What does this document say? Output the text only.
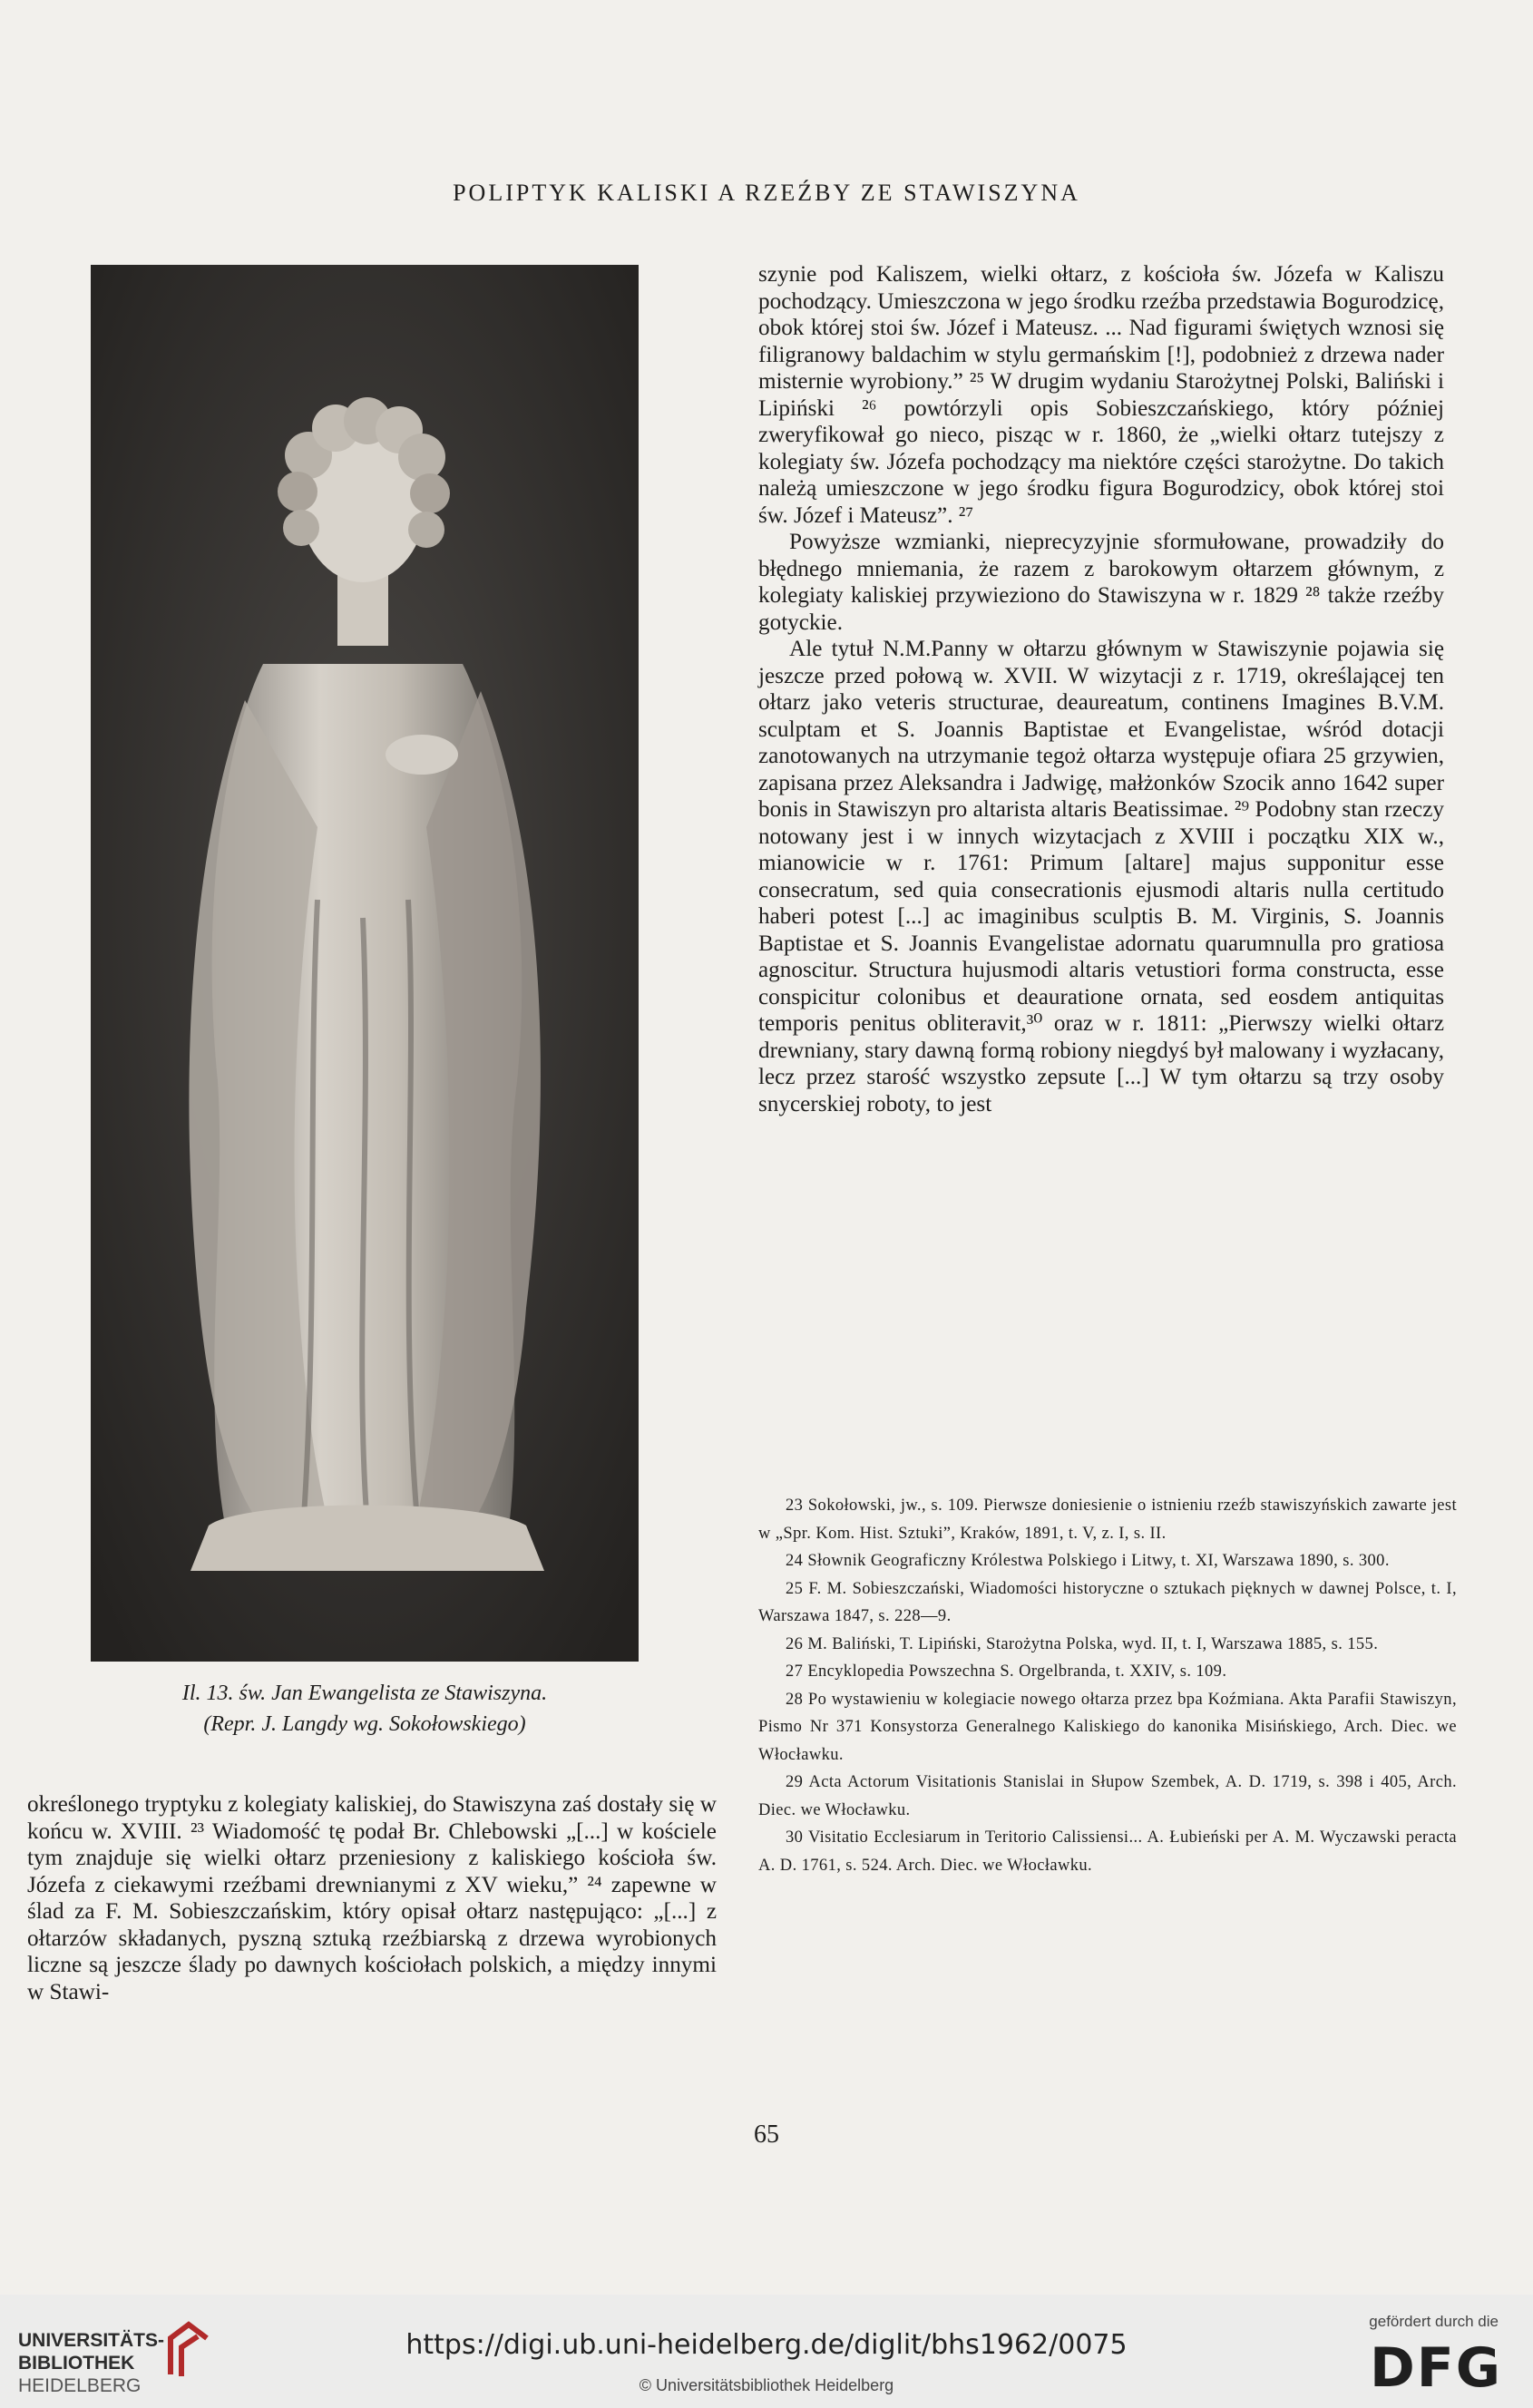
POLIPTYK KALISKI A RZEŹBY ZE STAWISZYNA
Il. 13. św. Jan Ewangelista ze Stawiszyna.
(Repr. J. Langdy wg. Sokołowskiego)

szynie pod Kaliszem, wielki ołtarz, z kościoła św. Józefa w Kaliszu pochodzący. Umieszczona w jego środku rzeźba przedstawia Bogurodzicę, obok której stoi św. Józef i Mateusz. ... Nad figurami świętych wznosi się filigranowy baldachim w stylu germańskim [!], podobnież z drzewa nader misternie wyrobiony.” ²⁵ W drugim wydaniu Starożytnej Polski, Baliński i Lipiński ²⁶ powtórzyli opis Sobieszczańskiego, który później zweryfikował go nieco, pisząc w r. 1860, że „wielki ołtarz tutejszy z kolegiaty św. Józefa pochodzący ma niektóre części starożytne. Do takich należą umieszczone w jego środku figura Bogurodzicy, obok której stoi św. Józef i Mateusz”. ²⁷

Powyższe wzmianki, nieprecyzyjnie sformułowane, prowadziły do błędnego mniemania, że razem z barokowym ołtarzem głównym, z kolegiaty kaliskiej przywieziono do Stawiszyna w r. 1829 ²⁸ także rzeźby gotyckie.

Ale tytuł N.M.Panny w ołtarzu głównym w Stawiszynie pojawia się jeszcze przed połową w. XVII. W wizytacji z r. 1719, określającej ten ołtarz jako veteris structurae, deaureatum, continens Imagines B.V.M. sculptam et S. Joannis Baptistae et Evangelistae, wśród dotacji zanotowanych na utrzymanie tegoż ołtarza występuje ofiara 25 grzywien, zapisana przez Aleksandra i Jadwigę, małżonków Szocik anno 1642 super bonis in Stawiszyn pro altarista altaris Beatissimae. ²⁹ Podobny stan rzeczy notowany jest i w innych wizytacjach z XVIII i początku XIX w., mianowicie w r. 1761: Primum [altare] majus supponitur esse consecratum, sed quia consecrationis ejusmodi altaris nulla certitudo haberi potest [...] ac imaginibus sculptis B. M. Virginis, S. Joannis Baptistae et S. Joannis Evangelistae adornatu quarumnulla pro gratiosa agnoscitur. Structura hujusmodi altaris vetustiori forma constructa, esse conspicitur colonibus et deauratione ornata, sed eosdem antiquitas temporis penitus obliteravit,³⁰ oraz w r. 1811: „Pierwszy wielki ołtarz drewniany, stary dawną formą robiony niegdyś był malowany i wyzłacany, lecz przez starość wszystko zepsute [...] W tym ołtarzu są trzy osoby snycerskiej roboty, to jest

23 Sokołowski, jw., s. 109. Pierwsze doniesienie o istnieniu rzeźb stawiszyńskich zawarte jest w „Spr. Kom. Hist. Sztuki”, Kraków, 1891, t. V, z. I, s. II.

24 Słownik Geograficzny Królestwa Polskiego i Litwy, t. XI, Warszawa 1890, s. 300.

25 F. M. Sobieszczański, Wiadomości historyczne o sztukach pięknych w dawnej Polsce, t. I, Warszawa 1847, s. 228—9.

26 M. Baliński, T. Lipiński, Starożytna Polska, wyd. II, t. I, Warszawa 1885, s. 155.

27 Encyklopedia Powszechna S. Orgelbranda, t. XXIV, s. 109.

28 Po wystawieniu w kolegiacie nowego ołtarza przez bpa Koźmiana. Akta Parafii Stawiszyn, Pismo Nr 371 Konsystorza Generalnego Kaliskiego do kanonika Misińskiego, Arch. Diec. we Włocławku.

29 Acta Actorum Visitationis Stanislai in Słupow Szembek, A. D. 1719, s. 398 i 405, Arch. Diec. we Włocławku.

30 Visitatio Ecclesiarum in Teritorio Calissiensi... A. Łubieński per A. M. Wyczawski peracta A. D. 1761, s. 524. Arch. Diec. we Włocławku.

określonego tryptyku z kolegiaty kaliskiej, do Stawiszyna zaś dostały się w końcu w. XVIII. ²³ Wiadomość tę podał Br. Chlebowski „[...] w kościele tym znajduje się wielki ołtarz przeniesiony z kaliskiego kościoła św. Józefa z ciekawymi rzeźbami drewnianymi z XV wieku,” ²⁴ zapewne w ślad za F. M. Sobieszczańskim, który opisał ołtarz następująco: „[...] z ołtarzów składanych, pyszną sztuką rzeźbiarską z drzewa wyrobionych liczne są jeszcze ślady po dawnych kościołach polskich, a między innymi w Stawi-

65
UNIVERSITÄTS-
BIBLIOTHEK
HEIDELBERG
https://digi.ub.uni-heidelberg.de/diglit/bhs1962/0075
© Universitätsbibliothek Heidelberg
gefördert durch die
DFG
